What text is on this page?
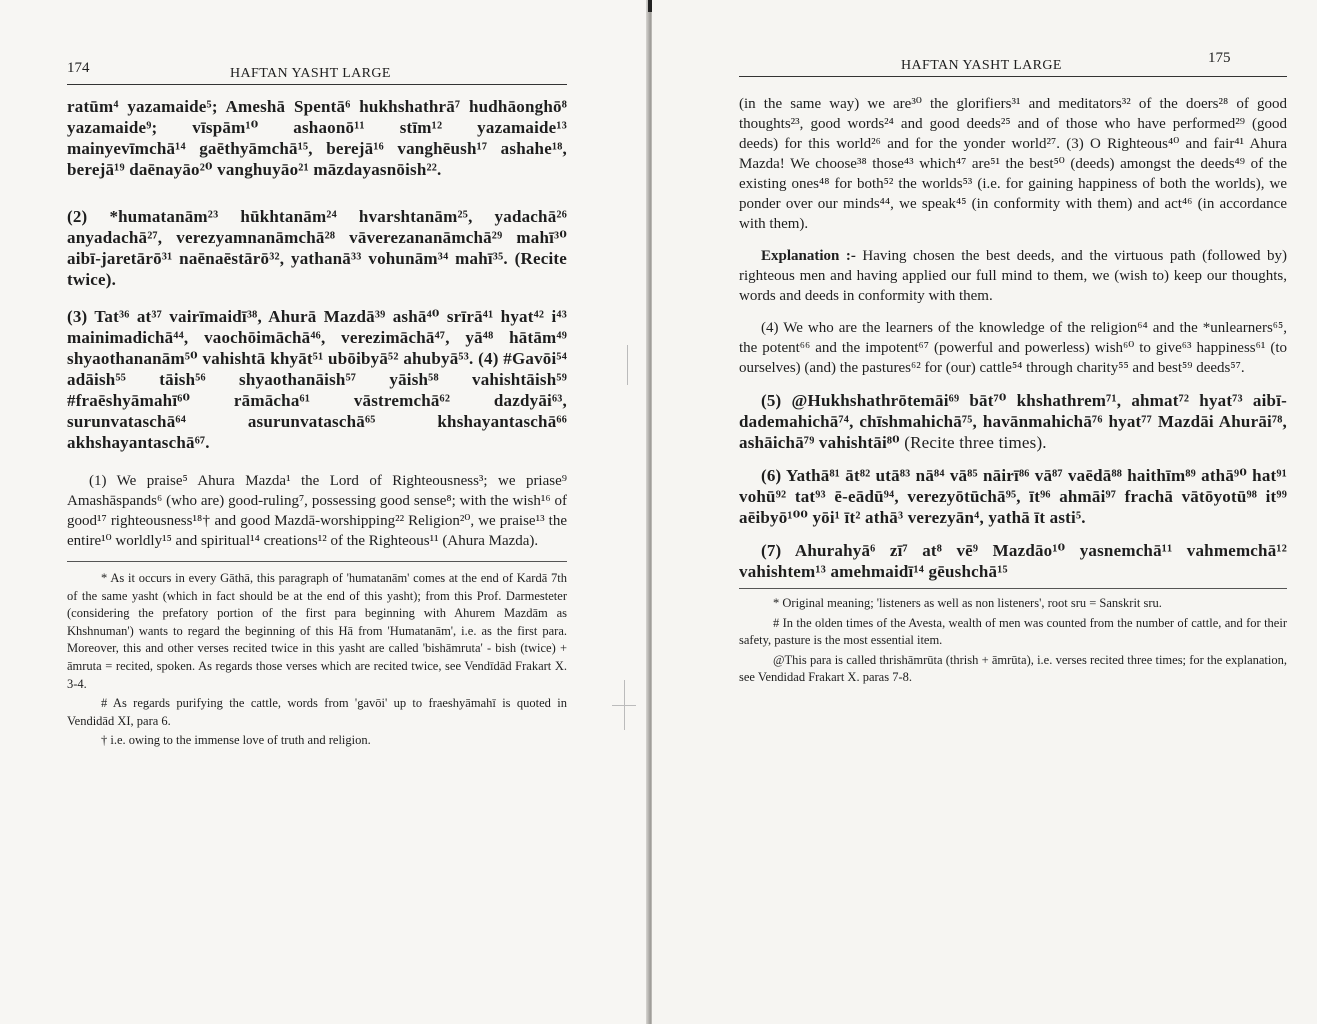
174	HAFTAN YASHT LARGE

ratūm⁴ yazamaide⁵; Ameshā Spentā⁶ hukhshathrā⁷ hudhāonghō⁸ yazamaide⁹; vīspām¹⁰ ashaonō¹¹ stīm¹² yazamaide¹³ mainyevīmchā¹⁴ gaēthyāmchā¹⁵, berejā¹⁶ vanghēush¹⁷ ashahe¹⁸, berejā¹⁹ daēnayāo²⁰ vanghuyāo²¹ māzdayasnōish²².

(2) *humatanām²³ hūkhtanām²⁴ hvarshtanām²⁵, yadachā²⁶ anyadachā²⁷, verezyamnanāmchā²⁸ vāverezananāmchā²⁹ mahī³⁰ aibī-jaretārō³¹ naēnaēstārō³², yathanā³³ vohunām³⁴ mahī³⁵. (Recite twice).

(3) Tat³⁶ at³⁷ vairīmaidī³⁸, Ahurā Mazdā³⁹ ashā⁴⁰ srīrā⁴¹ hyat⁴² i⁴³ mainimadichā⁴⁴, vaochōimāchā⁴⁶, verezimāchā⁴⁷, yā⁴⁸ hātām⁴⁹ shyaothananām⁵⁰ vahishtā khyāt⁵¹ ubōibyā⁵² ahubyā⁵³. (4) #Gavōi⁵⁴ adāish⁵⁵ tāish⁵⁶ shyaothanāish⁵⁷ yāish⁵⁸ vahishtāish⁵⁹ #fraēshyāmahī⁶⁰ rāmācha⁶¹ vāstremchā⁶² dazdyāi⁶³, surunvataschā⁶⁴ asurunvataschā⁶⁵ khshayantaschā⁶⁶ akhshayantaschā⁶⁷.

(1) We praise⁵ Ahura Mazda¹ the Lord of Righteousness³; we priase⁹ Amashāspands⁶ (who are) good-ruling⁷, possessing good sense⁸; with the wish¹⁶ of good¹⁷ righteousness¹⁸† and good Mazdā-worshipping²² Religion²⁰, we praise¹³ the entire¹⁰ worldly¹⁵ and spiritual¹⁴ creations¹² of the Righteous¹¹ (Ahura Mazda).

* As it occurs in every Gāthā, this paragraph of 'humatanām' comes at the end of Kardā 7th of the same yasht (which in fact should be at the end of this yasht); from this Prof. Darmesteter (considering the prefatory portion of the first para beginning with Ahurem Mazdām as Khshnuman') wants to regard the beginning of this Hā from 'Humatanām', i.e. as the first para. Moreover, this and other verses recited twice in this yasht are called 'bishāmruta' - bish (twice) + āmruta = recited, spoken. As regards those verses which are recited twice, see Vendīdād Frakart X. 3-4.

# As regards purifying the cattle, words from 'gavōi' up to fraeshyāmahī is quoted in Vendidād XI, para 6.

† i.e. owing to the immense love of truth and religion.

HAFTAN YASHT LARGE	175

(in the same way) we are³⁰ the glorifiers³¹ and meditators³² of the doers²⁸ of good thoughts²³, good words²⁴ and good deeds²⁵ and of those who have performed²⁹ (good deeds) for this world²⁶ and for the yonder world²⁷. (3) O Righteous⁴⁰ and fair⁴¹ Ahura Mazda! We choose³⁸ those⁴³ which⁴⁷ are⁵¹ the best⁵⁰ (deeds) amongst the deeds⁴⁹ of the existing ones⁴⁸ for both⁵² the worlds⁵³ (i.e. for gaining happiness of both the worlds), we ponder over our minds⁴⁴, we speak⁴⁵ (in conformity with them) and act⁴⁶ (in accordance with them).

Explanation :- Having chosen the best deeds, and the virtuous path (followed by) righteous men and having applied our full mind to them, we (wish to) keep our thoughts, words and deeds in conformity with them.

(4) We who are the learners of the knowledge of the religion⁶⁴ and the *unlearners⁶⁵, the potent⁶⁶ and the impotent⁶⁷ (powerful and powerless) wish⁶⁰ to give⁶³ happiness⁶¹ (to ourselves) (and) the pastures⁶² for (our) cattle⁵⁴ through charity⁵⁵ and best⁵⁹ deeds⁵⁷.

(5) @Hukhshathrōtemāi⁶⁹ bāt⁷⁰ khshathrem⁷¹, ahmat⁷² hyat⁷³ aibī-dademahichā⁷⁴, chīshmahichā⁷⁵, havānmahichā⁷⁶ hyat⁷⁷ Mazdāi Ahurāi⁷⁸, ashāichā⁷⁹ vahishtāi⁸⁰ (Recite three times).

(6) Yathā⁸¹ āt⁸² utā⁸³ nā⁸⁴ vā⁸⁵ nāirī⁸⁶ vā⁸⁷ vaēdā⁸⁸ haithīm⁸⁹ athā⁹⁰ hat⁹¹ vohū⁹² tat⁹³ ē-eādū⁹⁴, verezyōtūchā⁹⁵, īt⁹⁶ ahmāi⁹⁷ frachā vātōyotū⁹⁸ it⁹⁹ aēibyō¹⁰⁰ yōi¹ īt² athā³ verezyān⁴, yathā īt asti⁵.

(7) Ahurahyā⁶ zī⁷ at⁸ vē⁹ Mazdāo¹⁰ yasnemchā¹¹ vahmemchā¹² vahishtem¹³ amehmaidī¹⁴ gēushchā¹⁵

* Original meaning; 'listeners as well as non listeners', root sru = Sanskrit sru.

# In the olden times of the Avesta, wealth of men was counted from the number of cattle, and for their safety, pasture is the most essential item.

@This para is called thrishāmrūta (thrish + āmrūta), i.e. verses recited three times; for the explanation, see Vendidad Frakart X. paras 7-8.
